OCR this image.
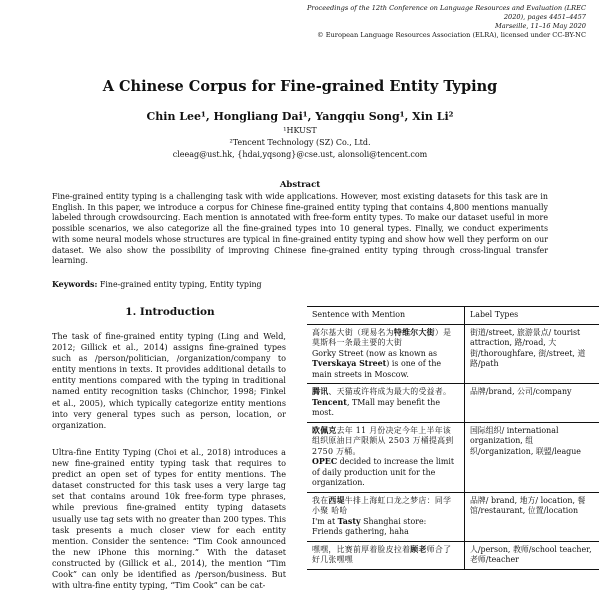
Proceedings of the 12th Conference on Language Resources and Evaluation (LREC 2020), pages 4451–4457
Marseille, 11–16 May 2020
© European Language Resources Association (ELRA), licensed under CC-BY-NC
A Chinese Corpus for Fine-grained Entity Typing
Chin Lee¹, Hongliang Dai¹, Yangqiu Song¹, Xin Li²
¹HKUST
²Tencent Technology (SZ) Co., Ltd.
cleeag@ust.hk, {hdai,yqsong}@cse.ust, alonsoli@tencent.com
Abstract
Fine-grained entity typing is a challenging task with wide applications. However, most existing datasets for this task are in English. In this paper, we introduce a corpus for Chinese fine-grained entity typing that contains 4,800 mentions manually labeled through crowdsourcing. Each mention is annotated with free-form entity types. To make our dataset useful in more possible scenarios, we also categorize all the fine-grained types into 10 general types. Finally, we conduct experiments with some neural models whose structures are typical in fine-grained entity typing and show how well they perform on our dataset. We also show the possibility of improving Chinese fine-grained entity typing through cross-lingual transfer learning.
Keywords: Fine-grained entity typing, Entity typing
1. Introduction
The task of fine-grained entity typing (Ling and Weld, 2012; Gillick et al., 2014) assigns fine-grained types such as /person/politician, /organization/company to entity mentions in texts. It provides additional details to entity mentions compared with the typing in traditional named entity recognition tasks (Chinchor, 1998; Finkel et al., 2005), which typically categorize entity mentions into very general types such as person, location, or organization.
Ultra-fine Entity Typing (Choi et al., 2018) introduces a new fine-grained entity typing task that requires to predict an open set of types for entity mentions. The dataset constructed for this task uses a very large tag set that contains around 10k free-form type phrases, while previous fine-grained entity typing datasets usually use tag sets with no greater than 200 types. This task presents a much closer view for each entity mention. Consider the sentence: “Tim Cook announced the new iPhone this morning.” With the dataset constructed by (Gillick et al., 2014), the mention “Tim Cook” can only be identified as /person/business. But with ultra-fine entity typing, “Tim Cook” can be cat-
Sentence with Mention	Label Types
高尔基大街（现易名为特维尔大街）是莫斯科一条最主要的大街
Gorky Street (now as known as Tverskaya Street) is one of the main streets in Moscow.
街道/street, 旅游景点/ tourist attraction, 路/road, 大街/thoroughfare, 街/street, 道路/path
腾讯、天猫或许将成为最大的受益者。
Tencent, TMall may benefit the most.
品牌/brand, 公司/company
欧佩克去年 11 月份决定今年上半年该组织原油日产限额从 2503 万桶提高到 2750 万桶。
OPEC decided to increase the limit of daily production unit for the organization.
国际组织/ international organization, 组织/organization, 联盟/league
我在西堤牛排上海虹口龙之梦店：同学小聚 哈哈
I'm at Tasty Shanghai store: Friends gathering, haha
品牌/ brand, 地方/ location, 餐馆/restaurant, 位置/location
嘿嘿，比赛前厚着脸皮拉着顾老师合了好几张嘿嘿
人/person, 教师/school teacher, 老师/teacher
